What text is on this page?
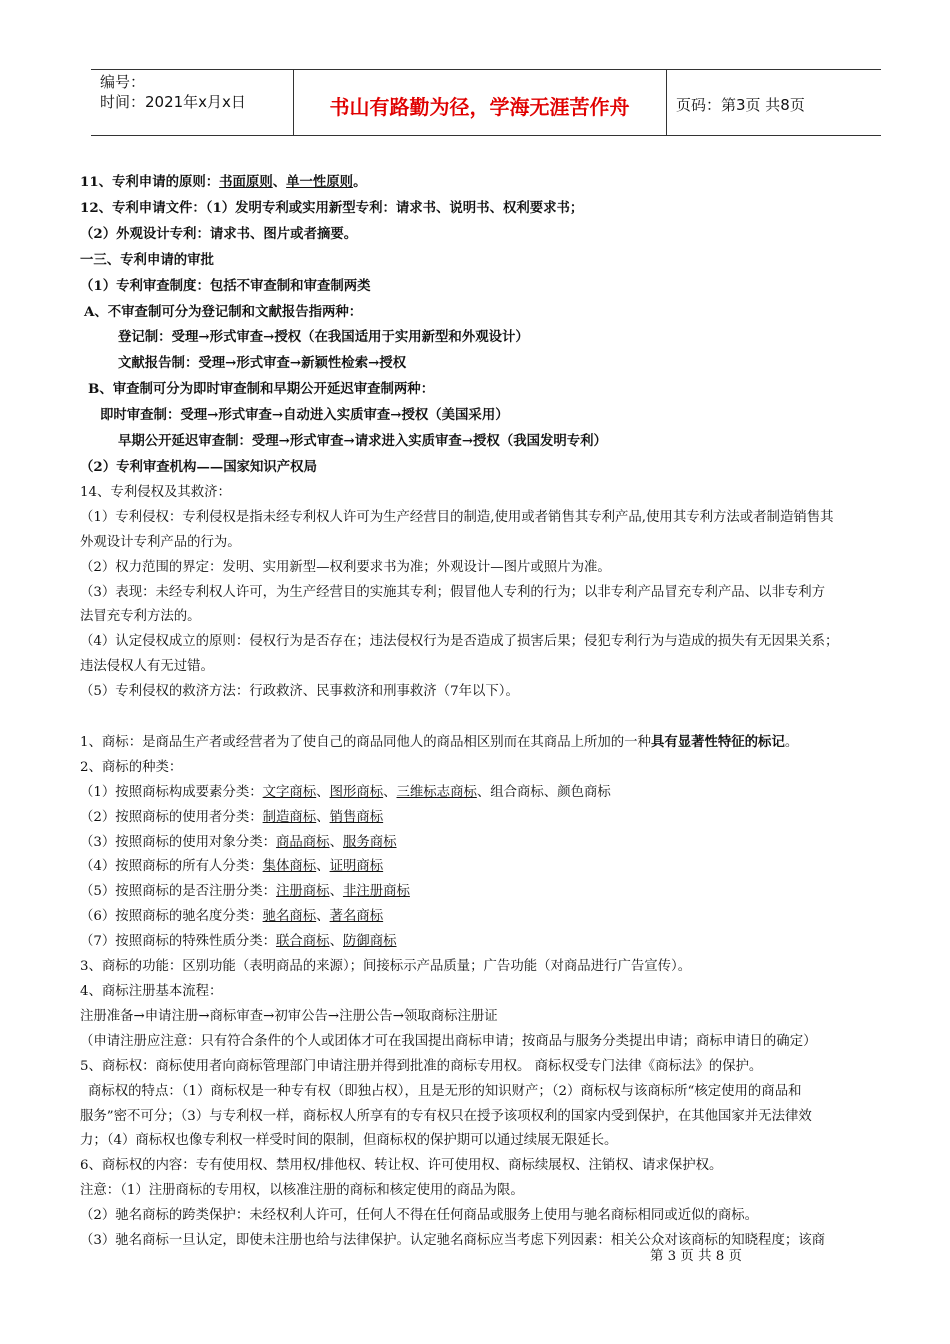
编号：
时间：2021年x月x日	书山有路勤为径，学海无涯苦作舟	页码：第3页 共8页
11、专利申请的原则：书面原则、单一性原则。
12、专利申请文件：（1）发明专利或实用新型专利：请求书、说明书、权利要求书；
（2）外观设计专利：请求书、图片或者摘要。
一三、专利申请的审批
（1）专利审查制度：包括不审查制和审查制两类
A、不审查制可分为登记制和文献报告指两种：
登记制：受理→形式审查→授权（在我国适用于实用新型和外观设计）
文献报告制：受理→形式审查→新颖性检索→授权
B、审查制可分为即时审查制和早期公开延迟审查制两种：
即时审查制：受理→形式审查→自动进入实质审查→授权（美国采用）
早期公开延迟审查制：受理→形式审查→请求进入实质审查→授权（我国发明专利）
（2）专利审查机构——国家知识产权局
14、专利侵权及其救济：
（1）专利侵权：专利侵权是指未经专利权人许可为生产经营目的制造,使用或者销售其专利产品,使用其专利方法或者制造销售其
外观设计专利产品的行为。
（2）权力范围的界定：发明、实用新型—权利要求书为准；外观设计—图片或照片为准。
（3）表现：未经专利权人许可，为生产经营目的实施其专利；假冒他人专利的行为；以非专利产品冒充专利产品、以非专利方
法冒充专利方法的。
（4）认定侵权成立的原则：侵权行为是否存在；违法侵权行为是否造成了损害后果；侵犯专利行为与造成的损失有无因果关系；
违法侵权人有无过错。
（5）专利侵权的救济方法：行政救济、民事救济和刑事救济（7年以下）。
1、商标：是商品生产者或经营者为了使自己的商品同他人的商品相区别而在其商品上所加的一种具有显著性特征的标记。
2、商标的种类：
（1）按照商标构成要素分类：文字商标、图形商标、三维标志商标、组合商标、颜色商标
（2）按照商标的使用者分类：制造商标、销售商标
（3）按照商标的使用对象分类：商品商标、服务商标
（4）按照商标的所有人分类：集体商标、证明商标
（5）按照商标的是否注册分类：注册商标、非注册商标
（6）按照商标的驰名度分类：驰名商标、著名商标
（7）按照商标的特殊性质分类：联合商标、防御商标
3、商标的功能：区别功能（表明商品的来源）；间接标示产品质量；广告功能（对商品进行广告宣传）。
4、商标注册基本流程：
注册准备→申请注册→商标审查→初审公告→注册公告→领取商标注册证
（申请注册应注意：只有符合条件的个人或团体才可在我国提出商标申请；按商品与服务分类提出申请；商标申请日的确定）
5、商标权：商标使用者向商标管理部门申请注册并得到批准的商标专用权。 商标权受专门法律《商标法》的保护。
商标权的特点：（1）商标权是一种专有权（即独占权），且是无形的知识财产；（2）商标权与该商标所“核定使用的商品和
服务”密不可分；（3）与专利权一样，商标权人所享有的专有权只在授予该项权利的国家内受到保护，在其他国家并无法律效
力；（4）商标权也像专利权一样受时间的限制，但商标权的保护期可以通过续展无限延长。
6、商标权的内容：专有使用权、禁用权/排他权、转让权、许可使用权、商标续展权、注销权、请求保护权。
注意：（1）注册商标的专用权，以核准注册的商标和核定使用的商品为限。
（2）驰名商标的跨类保护：未经权利人许可，任何人不得在任何商品或服务上使用与驰名商标相同或近似的商标。
（3）驰名商标一旦认定，即使未注册也给与法律保护。认定驰名商标应当考虑下列因素：相关公众对该商标的知晓程度；该商
第 3 页 共 8 页
